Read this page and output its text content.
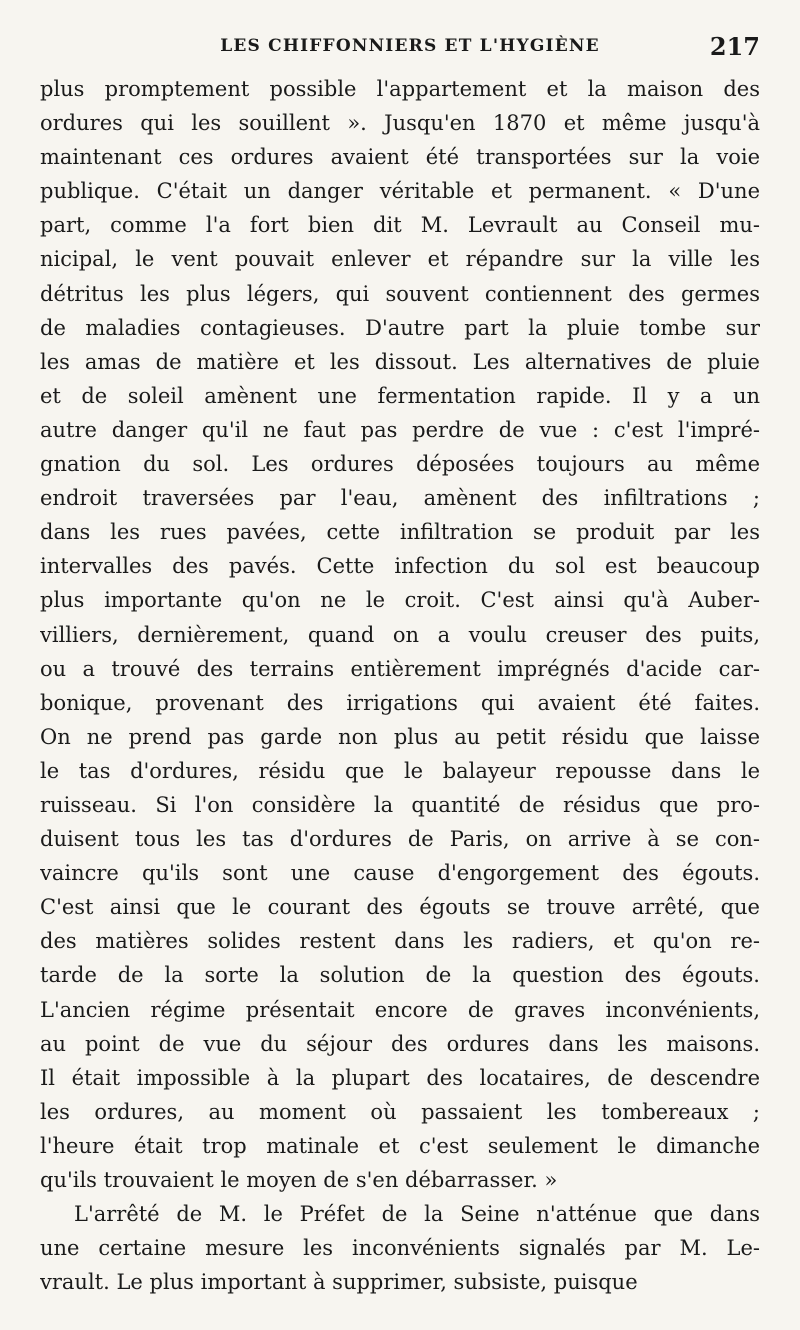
LES CHIFFONNIERS ET L'HYGIÈNE	217
plus promptement possible l'appartement et la maison des
ordures qui les souillent ». Jusqu'en 1870 et même jusqu'à
maintenant ces ordures avaient été transportées sur la voie
publique. C'était un danger véritable et permanent. « D'une
part, comme l'a fort bien dit M. Levrault au Conseil mu-
nicipal, le vent pouvait enlever et répandre sur la ville les
détritus les plus légers, qui souvent contiennent des germes
de maladies contagieuses. D'autre part la pluie tombe sur
les amas de matière et les dissout. Les alternatives de pluie
et de soleil amènent une fermentation rapide. Il y a un
autre danger qu'il ne faut pas perdre de vue : c'est l'impré-
gnation du sol. Les ordures déposées toujours au même
endroit traversées par l'eau, amènent des infiltrations ;
dans les rues pavées, cette infiltration se produit par les
intervalles des pavés. Cette infection du sol est beaucoup
plus importante qu'on ne le croit. C'est ainsi qu'à Auber-
villiers, dernièrement, quand on a voulu creuser des puits,
ou a trouvé des terrains entièrement imprégnés d'acide car-
bonique, provenant des irrigations qui avaient été faites.
On ne prend pas garde non plus au petit résidu que laisse
le tas d'ordures, résidu que le balayeur repousse dans le
ruisseau. Si l'on considère la quantité de résidus que pro-
duisent tous les tas d'ordures de Paris, on arrive à se con-
vaincre qu'ils sont une cause d'engorgement des égouts.
C'est ainsi que le courant des égouts se trouve arrêté, que
des matières solides restent dans les radiers, et qu'on re-
tarde de la sorte la solution de la question des égouts.
L'ancien régime présentait encore de graves inconvénients,
au point de vue du séjour des ordures dans les maisons.
Il était impossible à la plupart des locataires, de descendre
les ordures, au moment où passaient les tombereaux ;
l'heure était trop matinale et c'est seulement le dimanche
qu'ils trouvaient le moyen de s'en débarrasser. »
L'arrêté de M. le Préfet de la Seine n'atténue que dans
une certaine mesure les inconvénients signalés par M. Le-
vrault. Le plus important à supprimer, subsiste, puisque
